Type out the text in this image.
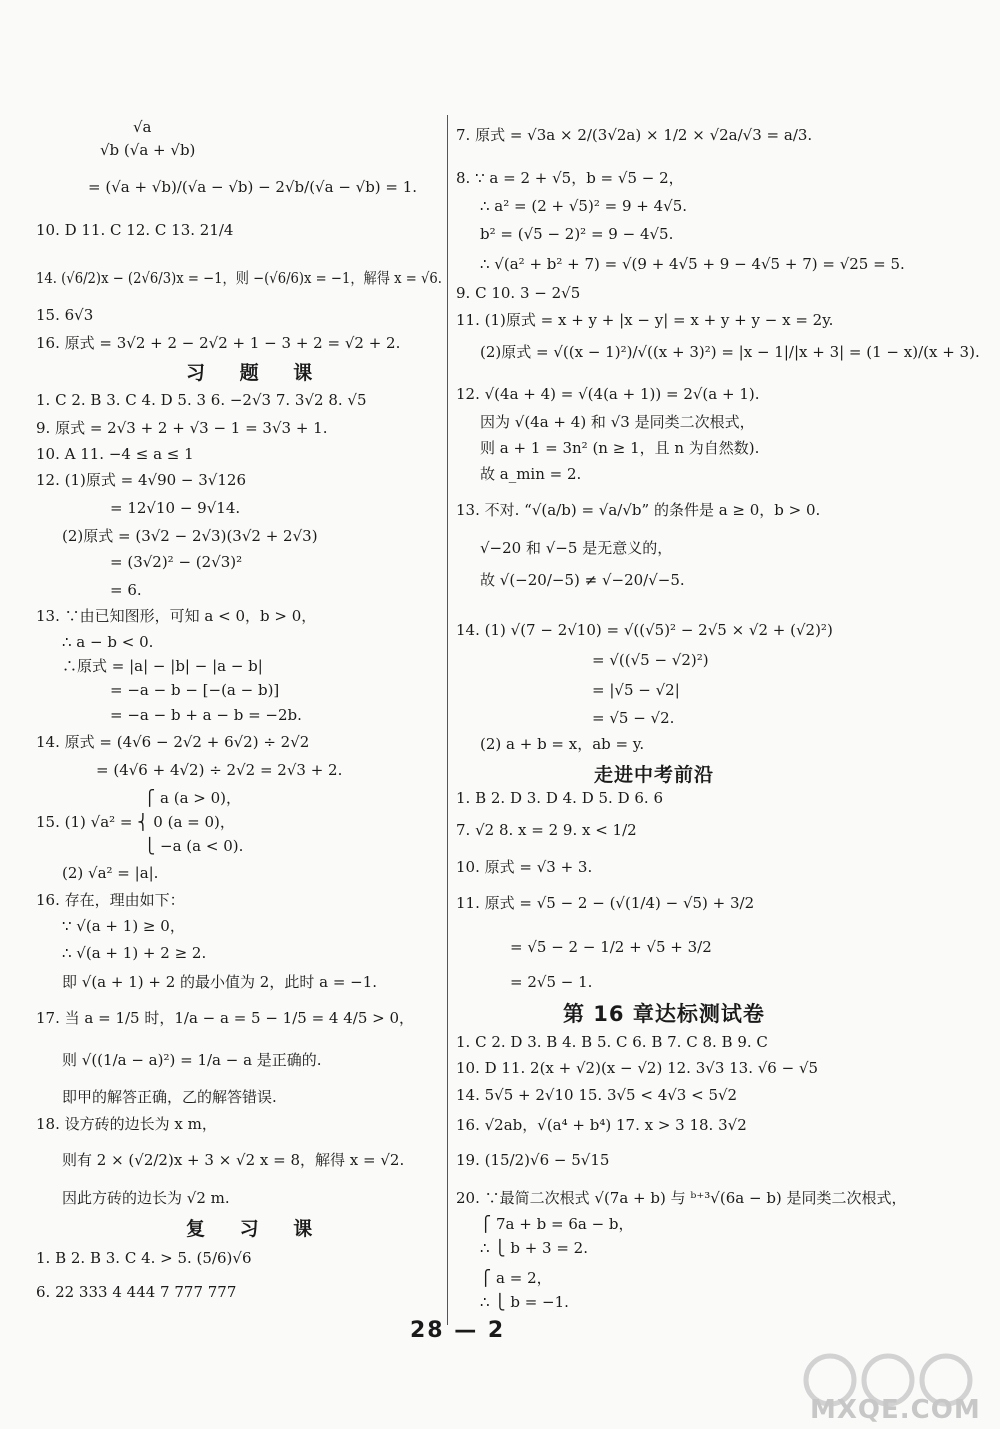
√a
√b (√a + √b)
= (√a + √b)/(√a − √b) − 2√b/(√a − √b) = 1.
10. D 11. C 12. C 13. 21/4
14. (√6/2)x − (2√6/3)x = −1，则 −(√6/6)x = −1，解得 x = √6.
15. 6√3
16. 原式 = 3√2 + 2 − 2√2 + 1 − 3 + 2 = √2 + 2.
1. C 2. B 3. C 4. D 5. 3 6. −2√3 7. 3√2 8. √5
9. 原式 = 2√3 + 2 + √3 − 1 = 3√3 + 1.
10. A 11. −4 ≤ a ≤ 1
12. (1)原式 = 4√90 − 3√126
= 12√10 − 9√14.
(2)原式 = (3√2 − 2√3)(3√2 + 2√3)
= (3√2)² − (2√3)²
= 6.
13. ∵由已知图形，可知 a < 0，b > 0，
∴ a − b < 0.
∴原式 = |a| − |b| − |a − b|
= −a − b − [−(a − b)]
= −a − b + a − b = −2b.
14. 原式 = (4√6 − 2√2 + 6√2) ÷ 2√2
= (4√6 + 4√2) ÷ 2√2 = 2√3 + 2.
⎧ a (a > 0)，
15. (1) √a² = ⎨ 0 (a = 0)，
⎩ −a (a < 0).
(2) √a² = |a|.
16. 存在，理由如下：
∵ √(a + 1) ≥ 0，
∴ √(a + 1) + 2 ≥ 2.
即 √(a + 1) + 2 的最小值为 2，此时 a = −1.
17. 当 a = 1/5 时，1/a − a = 5 − 1/5 = 4 4/5 > 0，
则 √((1/a − a)²) = 1/a − a 是正确的.
即甲的解答正确，乙的解答错误.
18. 设方砖的边长为 x m，
则有 2 × (√2/2)x + 3 × √2 x = 8，解得 x = √2.
因此方砖的边长为 √2 m.
1. B 2. B 3. C 4. > 5. (5/6)√6
6. 22 333 4 444 7 777 777
7. 原式 = √3a × 2/(3√2a) × 1/2 × √2a/√3 = a/3.
8. ∵ a = 2 + √5，b = √5 − 2，
∴ a² = (2 + √5)² = 9 + 4√5.
b² = (√5 − 2)² = 9 − 4√5.
∴ √(a² + b² + 7) = √(9 + 4√5 + 9 − 4√5 + 7) = √25 = 5.
9. C 10. 3 − 2√5
11. (1)原式 = x + y + |x − y| = x + y + y − x = 2y.
(2)原式 = √((x − 1)²)/√((x + 3)²) = |x − 1|/|x + 3| = (1 − x)/(x + 3).
12. √(4a + 4) = √(4(a + 1)) = 2√(a + 1).
因为 √(4a + 4) 和 √3 是同类二次根式，
则 a + 1 = 3n² (n ≥ 1，且 n 为自然数).
故 a_min = 2.
13. 不对. “√(a/b) = √a/√b” 的条件是 a ≥ 0，b > 0.
√−20 和 √−5 是无意义的，
故 √(−20/−5) ≠ √−20/√−5.
14. (1) √(7 − 2√10) = √((√5)² − 2√5 × √2 + (√2)²)
= √((√5 − √2)²)
= |√5 − √2|
= √5 − √2.
(2) a + b = x，ab = y.
1. B 2. D 3. D 4. D 5. D 6. 6
7. √2 8. x = 2 9. x < 1/2
10. 原式 = √3 + 3.
11. 原式 = √5 − 2 − (√(1/4) − √5) + 3/2
= √5 − 2 − 1/2 + √5 + 3/2
= 2√5 − 1.
1. C 2. D 3. B 4. B 5. C 6. B 7. C 8. B 9. C
10. D 11. 2(x + √2)(x − √2) 12. 3√3 13. √6 − √5
14. 5√5 + 2√10 15. 3√5 < 4√3 < 5√2
16. √2ab，√(a⁴ + b⁴) 17. x > 3 18. 3√2
19. (15/2)√6 − 5√15
20. ∵最简二次根式 √(7a + b) 与 ᵇ⁺³√(6a − b) 是同类二次根式，
⎧ 7a + b = 6a − b，
∴ ⎩ b + 3 = 2.
⎧ a = 2，
∴ ⎩ b = −1.
习 题 课
复 习 课
走进中考前沿
第 16 章达标测试卷
28 — 2
MXQE.COM
